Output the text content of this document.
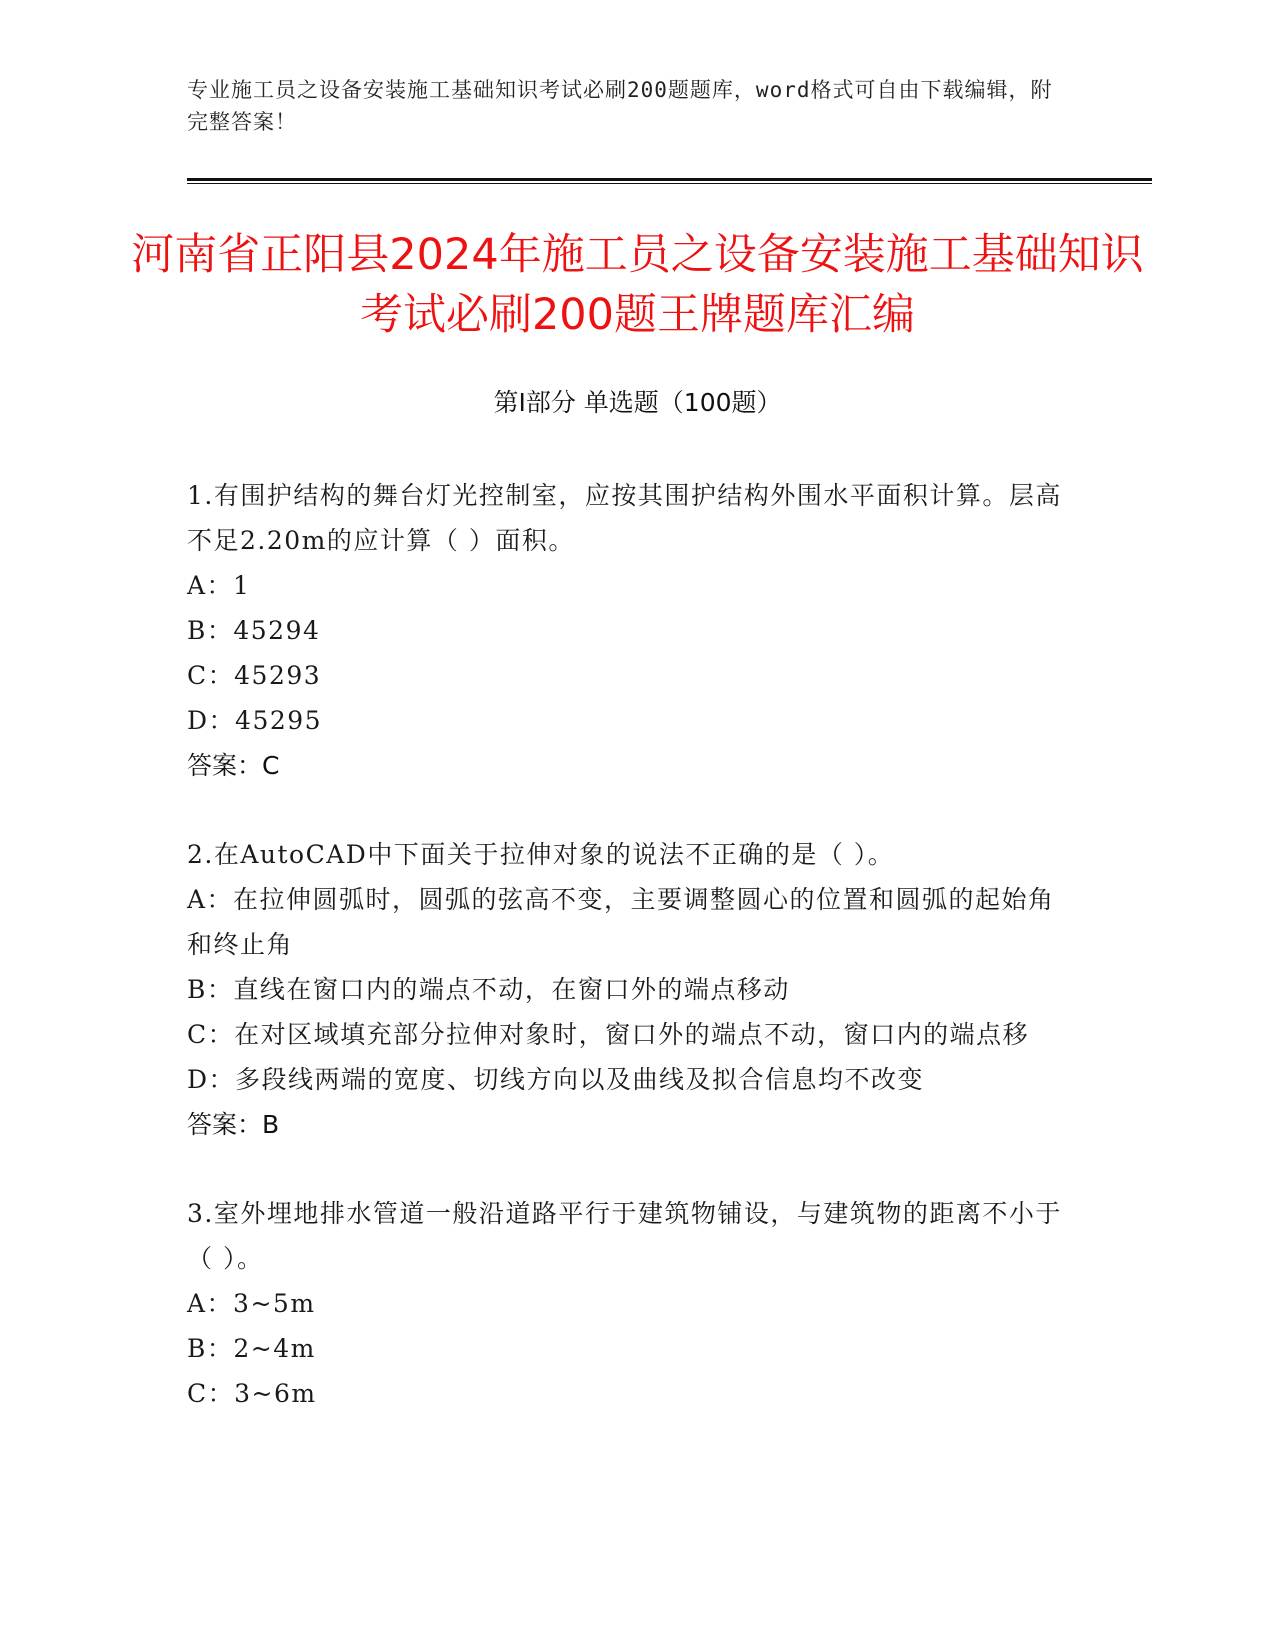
专业施工员之设备安装施工基础知识考试必刷200题题库，word格式可自由下载编辑，附完整答案！
河南省正阳县2024年施工员之设备安装施工基础知识考试必刷200题王牌题库汇编
第Ⅰ部分 单选题（100题）
1.有围护结构的舞台灯光控制室，应按其围护结构外围水平面积计算。层高不足2.20m的应计算（ ）面积。
A：1
B：45294
C：45293
D：45295
答案：C
2.在AutoCAD中下面关于拉伸对象的说法不正确的是（ ）。
A：在拉伸圆弧时，圆弧的弦高不变，主要调整圆心的位置和圆弧的起始角和终止角
B：直线在窗口内的端点不动，在窗口外的端点移动
C：在对区域填充部分拉伸对象时，窗口外的端点不动，窗口内的端点移
D：多段线两端的宽度、切线方向以及曲线及拟合信息均不改变
答案：B
3.室外埋地排水管道一般沿道路平行于建筑物铺设，与建筑物的距离不小于（ ）。
A：3~5m
B：2~4m
C：3~6m
